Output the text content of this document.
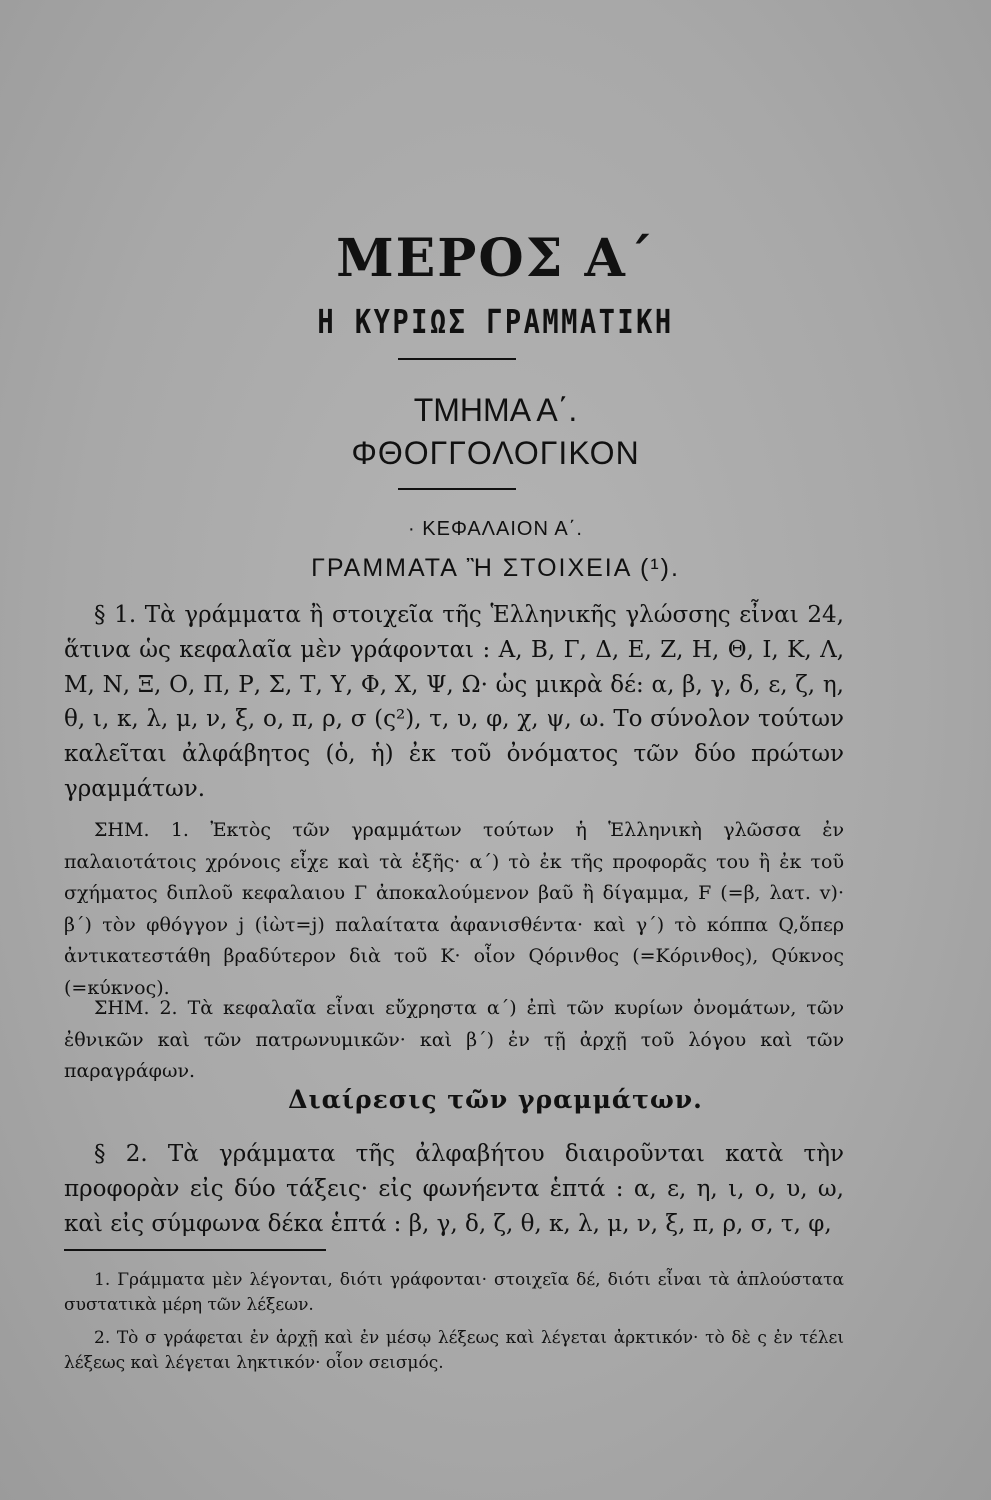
ΜΕΡΟΣ Α΄
Η ΚΥΡΙΩΣ ΓΡΑΜΜΑΤΙΚΗ
ΤΜΗΜΑ Α΄.
ΦΘΟΓΓΟΛΟΓΙΚΟΝ
· ΚΕΦΑΛΑΙΟΝ Α΄.
ΓΡΑΜΜΑΤΑ Ἢ ΣΤΟΙΧΕΙΑ (¹).

§ 1. Τὰ γράμματα ἢ στοιχεῖα τῆς Ἑλληνικῆς γλώσσης εἶναι 24, ἅτινα ὡς κεφαλαῖα μὲν γράφονται : Α, Β, Γ, Δ, Ε, Ζ, Η, Θ, Ι, Κ, Λ, Μ, Ν, Ξ, Ο, Π, Ρ, Σ, Τ, Υ, Φ, Χ, Ψ, Ω· ὡς μικρὰ δέ: α, β, γ, δ, ε, ζ, η, θ, ι, κ, λ, μ, ν, ξ, ο, π, ρ, σ (ς²), τ, υ, φ, χ, ψ, ω. Το σύνολον τούτων καλεῖται ἀλφάβητος (ὁ, ἡ) ἐκ τοῦ ὀνόματος τῶν δύο πρώτων γραμμάτων.

ΣΗΜ. 1. Ἐκτὸς τῶν γραμμάτων τούτων ἡ Ἑλληνικὴ γλῶσσα ἐν παλαιοτάτοις χρόνοις εἶχε καὶ τὰ ἑξῆς· α΄) τὸ ἐκ τῆς προφορᾶς του ἢ ἐκ τοῦ σχήματος διπλοῦ κεφαλαιου Γ ἀποκαλούμενον βαῦ ἢ δίγαμμα, F (=β, λατ. v)· β΄) τὸν φθόγγον j (ἰὼτ=j) παλαίτατα ἀφανισθέντα· καὶ γ΄) τὸ κόππα Q,ὅπερ ἀντικατεστάθη βραδύτερον διὰ τοῦ Κ· οἷον Qόρινθος (=Κόρινθος), Qύκνος (=κύκνος).

ΣΗΜ. 2. Τὰ κεφαλαῖα εἶναι εὔχρηστα α΄) ἐπὶ τῶν κυρίων ὀνομάτων, τῶν ἐθνικῶν καὶ τῶν πατρωνυμικῶν· καὶ β΄) ἐν τῇ ἀρχῇ τοῦ λόγου καὶ τῶν παραγράφων.

Διαίρεσις τῶν γραμμάτων.

§ 2. Τὰ γράμματα τῆς ἀλφαβήτου διαιροῦνται κατὰ τὴν προφορὰν εἰς δύο τάξεις· εἰς φωνήεντα ἑπτά : α, ε, η, ι, ο, υ, ω, καὶ εἰς σύμφωνα δέκα ἑπτά : β, γ, δ, ζ, θ, κ, λ, μ, ν, ξ, π, ρ, σ, τ, φ,

1. Γράμματα μὲν λέγονται, διότι γράφονται· στοιχεῖα δέ, διότι εἶναι τὰ ἁπλούστατα συστατικὰ μέρη τῶν λέξεων.

2. Τὸ σ γράφεται ἐν ἀρχῇ καὶ ἐν μέσῳ λέξεως καὶ λέγεται ἀρκτικόν· τὸ δὲ ς ἐν τέλει λέξεως καὶ λέγεται ληκτικόν· οἷον σεισμός.
